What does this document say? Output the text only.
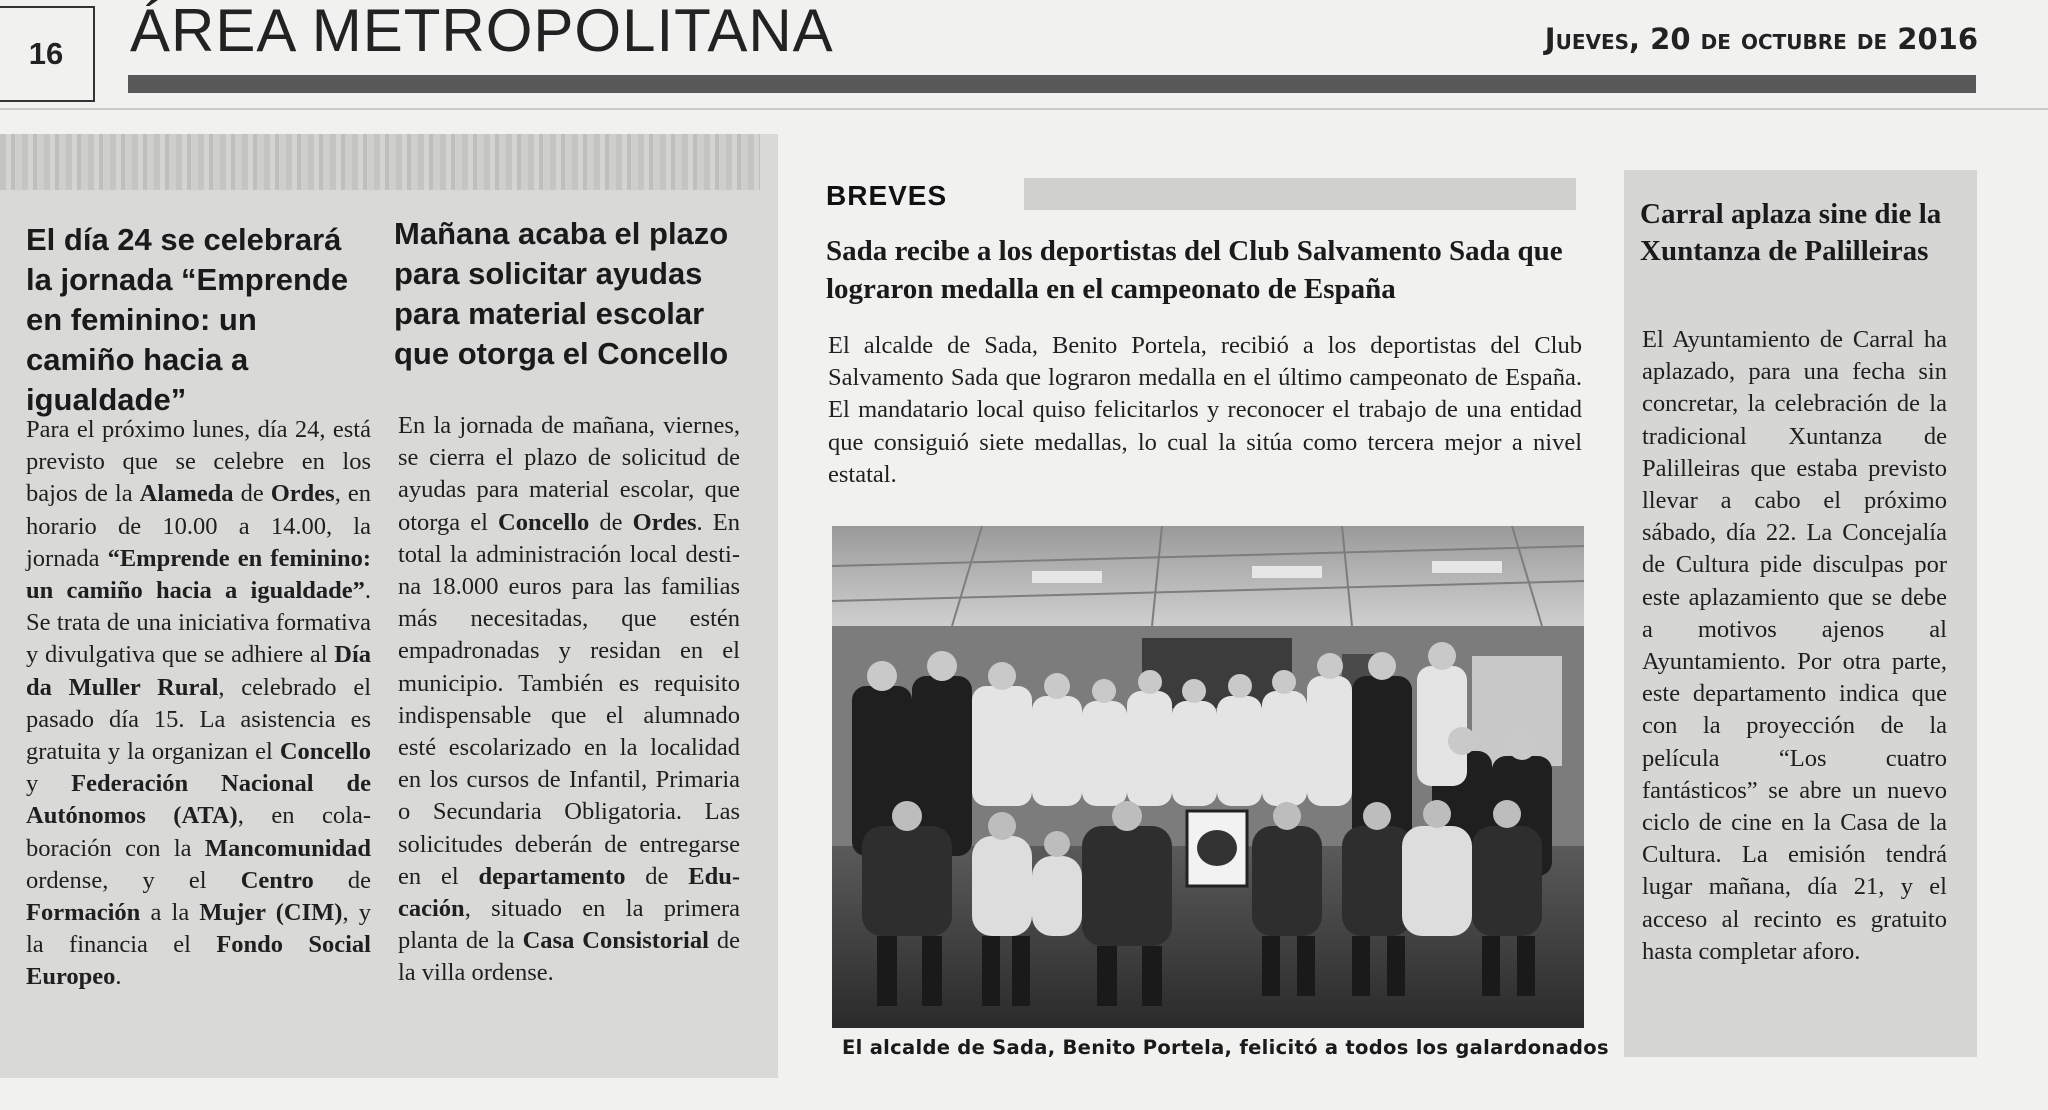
16	ÁREA METROPOLITANA	Jueves, 20 de octubre de 2016
El día 24 se celebrará la jornada “Emprende en feminino: un camiño hacia a igualdade”

Para el próximo lunes, día 24, está previsto que se celebre en los bajos de la Alameda de Ordes, en horario de 10.00 a 14.00, la jornada “Emprende en feminino: un camiño hacia a igualdade”. Se trata de una iniciativa formativa y divulgativa que se adhiere al Día da Muller Rural, celebrado el pasado día 15. La asistencia es gratuita y la organizan el Concello y Federación Nacional de Autónomos (ATA), en colaboración con la Mancomunidad ordense, y el Centro de Formación a la Mujer (CIM), y la financia el Fondo Social Europeo.

Mañana acaba el plazo para solicitar ayudas para material escolar que otorga el Concello

En la jornada de mañana, viernes, se cierra el plazo de solicitud de ayudas para material escolar, que otorga el Concello de Ordes. En total la administración local destina 18.000 euros para las familias más necesitadas, que estén empadronadas y residan en el municipio. También es requisito indispensable que el alumnado esté escolarizado en la localidad en los cursos de Infantil, Primaria o Secundaria Obligatoria. Las solicitudes deberán de entregarse en el departamento de Educación, situado en la primera planta de la Casa Consistorial de la villa ordense.

BREVES
Sada recibe a los deportistas del Club Salvamento Sada que lograron medalla en el campeonato de España

El alcalde de Sada, Benito Portela, recibió a los deportistas del Club Salvamento Sada que lograron medalla en el último campeonato de España. El mandatario local quiso felicitarlos y reconocer el trabajo de una entidad que consiguió siete medallas, lo cual la sitúa como tercera mejor a nivel estatal.

El alcalde de Sada, Benito Portela, felicitó a todos los galardonados
Carral aplaza sine die la Xuntanza de Palilleiras

El Ayuntamiento de Carral ha aplazado, para una fecha sin concretar, la celebración de la tradicional Xuntanza de Palilleiras que estaba previsto llevar a cabo el próximo sábado, día 22. La Concejalía de Cultura pide disculpas por este aplazamiento que se debe a motivos ajenos al Ayuntamiento. Por otra parte, este departamento indica que con la proyección de la película “Los cuatro fantásticos” se abre un nuevo ciclo de cine en la Casa de la Cultura. La emisión tendrá lugar mañana, día 21, y el acceso al recinto es gratuito hasta completar aforo.
